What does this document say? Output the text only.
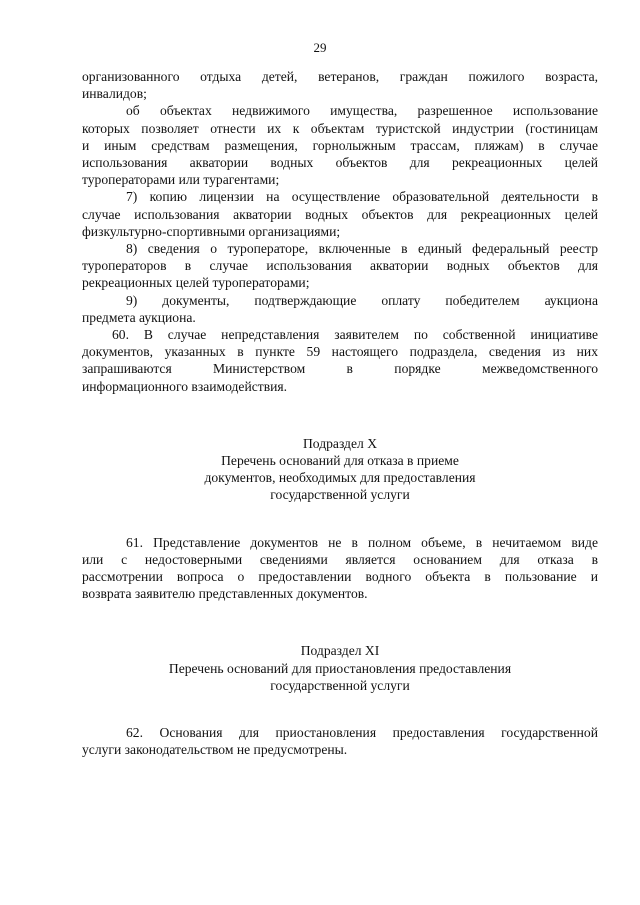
29
организованного отдыха детей, ветеранов, граждан пожилого возраста,
инвалидов;
об объектах недвижимого имущества, разрешенное использование
которых позволяет отнести их к объектам туристской индустрии (гостиницам
и иным средствам размещения, горнолыжным трассам, пляжам) в случае
использования акватории водных объектов для рекреационных целей
туроператорами или турагентами;
7) копию лицензии на осуществление образовательной деятельности в
случае использования акватории водных объектов для рекреационных целей
физкультурно-спортивными организациями;
8) сведения о туроператоре, включенные в единый федеральный реестр
туроператоров в случае использования акватории водных объектов для
рекреационных целей туроператорами;
9) документы, подтверждающие оплату победителем аукциона
предмета аукциона.
60. В случае непредставления заявителем по собственной инициативе
документов, указанных в пункте 59 настоящего подраздела, сведения из них
запрашиваются Министерством в порядке межведомственного
информационного взаимодействия.
Подраздел X
Перечень оснований для отказа в приеме
документов, необходимых для предоставления
государственной услуги
61. Представление документов не в полном объеме, в нечитаемом виде
или с недостоверными сведениями является основанием для отказа в
рассмотрении вопроса о предоставлении водного объекта в пользование и
возврата заявителю представленных документов.
Подраздел XI
Перечень оснований для приостановления предоставления
государственной услуги
62. Основания для приостановления предоставления государственной
услуги законодательством не предусмотрены.
